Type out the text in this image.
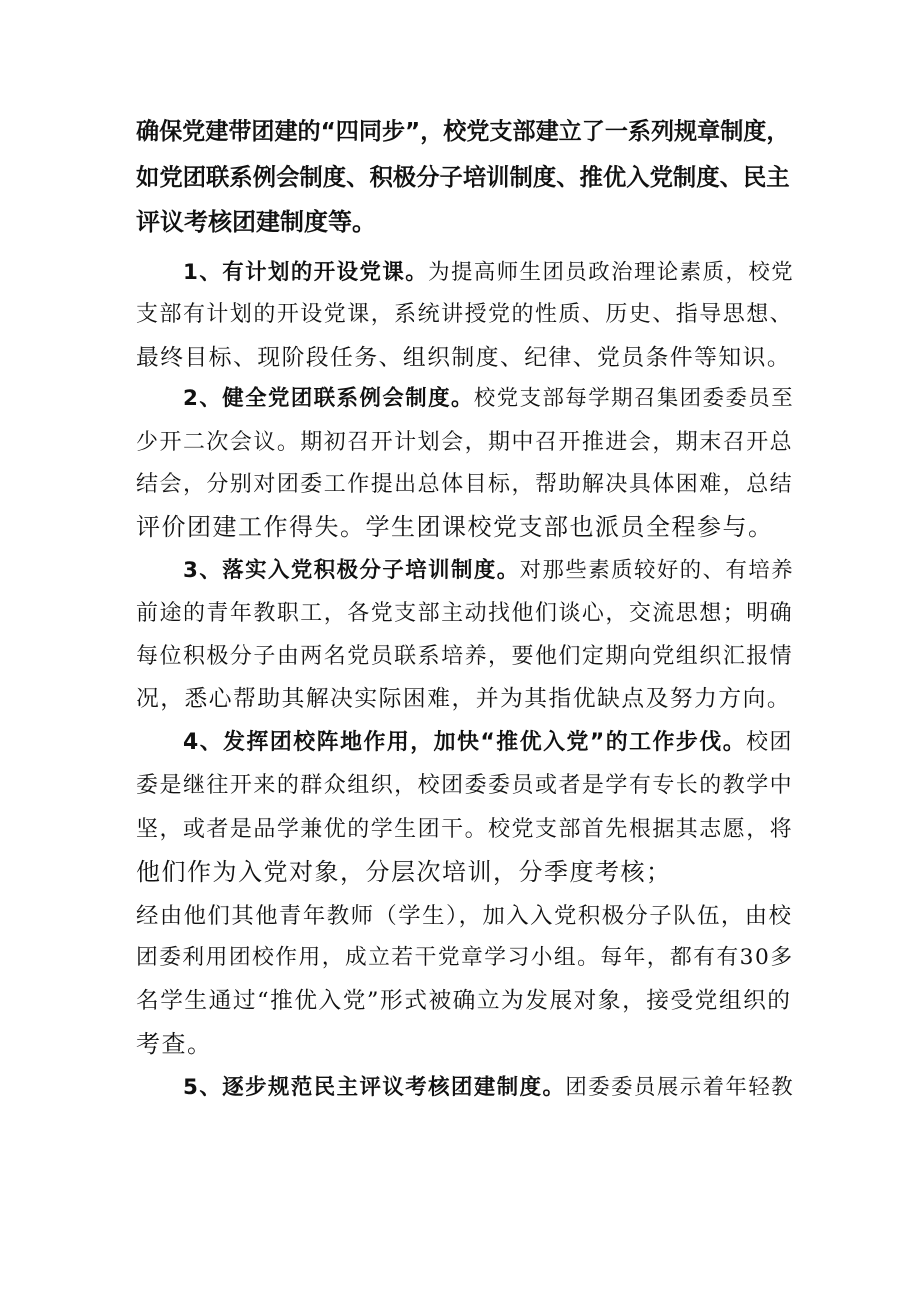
确保党建带团建的“四同步”，校党支部建立了一系列规章制度，
如党团联系例会制度、积极分子培训制度、推优入党制度、民主
评议考核团建制度等。
1、有计划的开设党课。为提高师生团员政治理论素质，校党
支部有计划的开设党课，系统讲授党的性质、历史、指导思想、
最终目标、现阶段任务、组织制度、纪律、党员条件等知识。
2、健全党团联系例会制度。校党支部每学期召集团委委员至
少开二次会议。期初召开计划会，期中召开推进会，期末召开总
结会，分别对团委工作提出总体目标，帮助解决具体困难，总结
评价团建工作得失。学生团课校党支部也派员全程参与。
3、落实入党积极分子培训制度。对那些素质较好的、有培养
前途的青年教职工，各党支部主动找他们谈心，交流思想；明确
每位积极分子由两名党员联系培养，要他们定期向党组织汇报情
况，悉心帮助其解决实际困难，并为其指优缺点及努力方向。
4、发挥团校阵地作用，加快“推优入党”的工作步伐。校团
委是继往开来的群众组织，校团委委员或者是学有专长的教学中
坚，或者是品学兼优的学生团干。校党支部首先根据其志愿，将
他们作为入党对象，分层次培训，分季度考核；
经由他们其他青年教师（学生），加入入党积极分子队伍，由校
团委利用团校作用，成立若干党章学习小组。每年，都有有30多
名学生通过“推优入党”形式被确立为发展对象，接受党组织的
考查。
5、逐步规范民主评议考核团建制度。团委委员展示着年轻教
